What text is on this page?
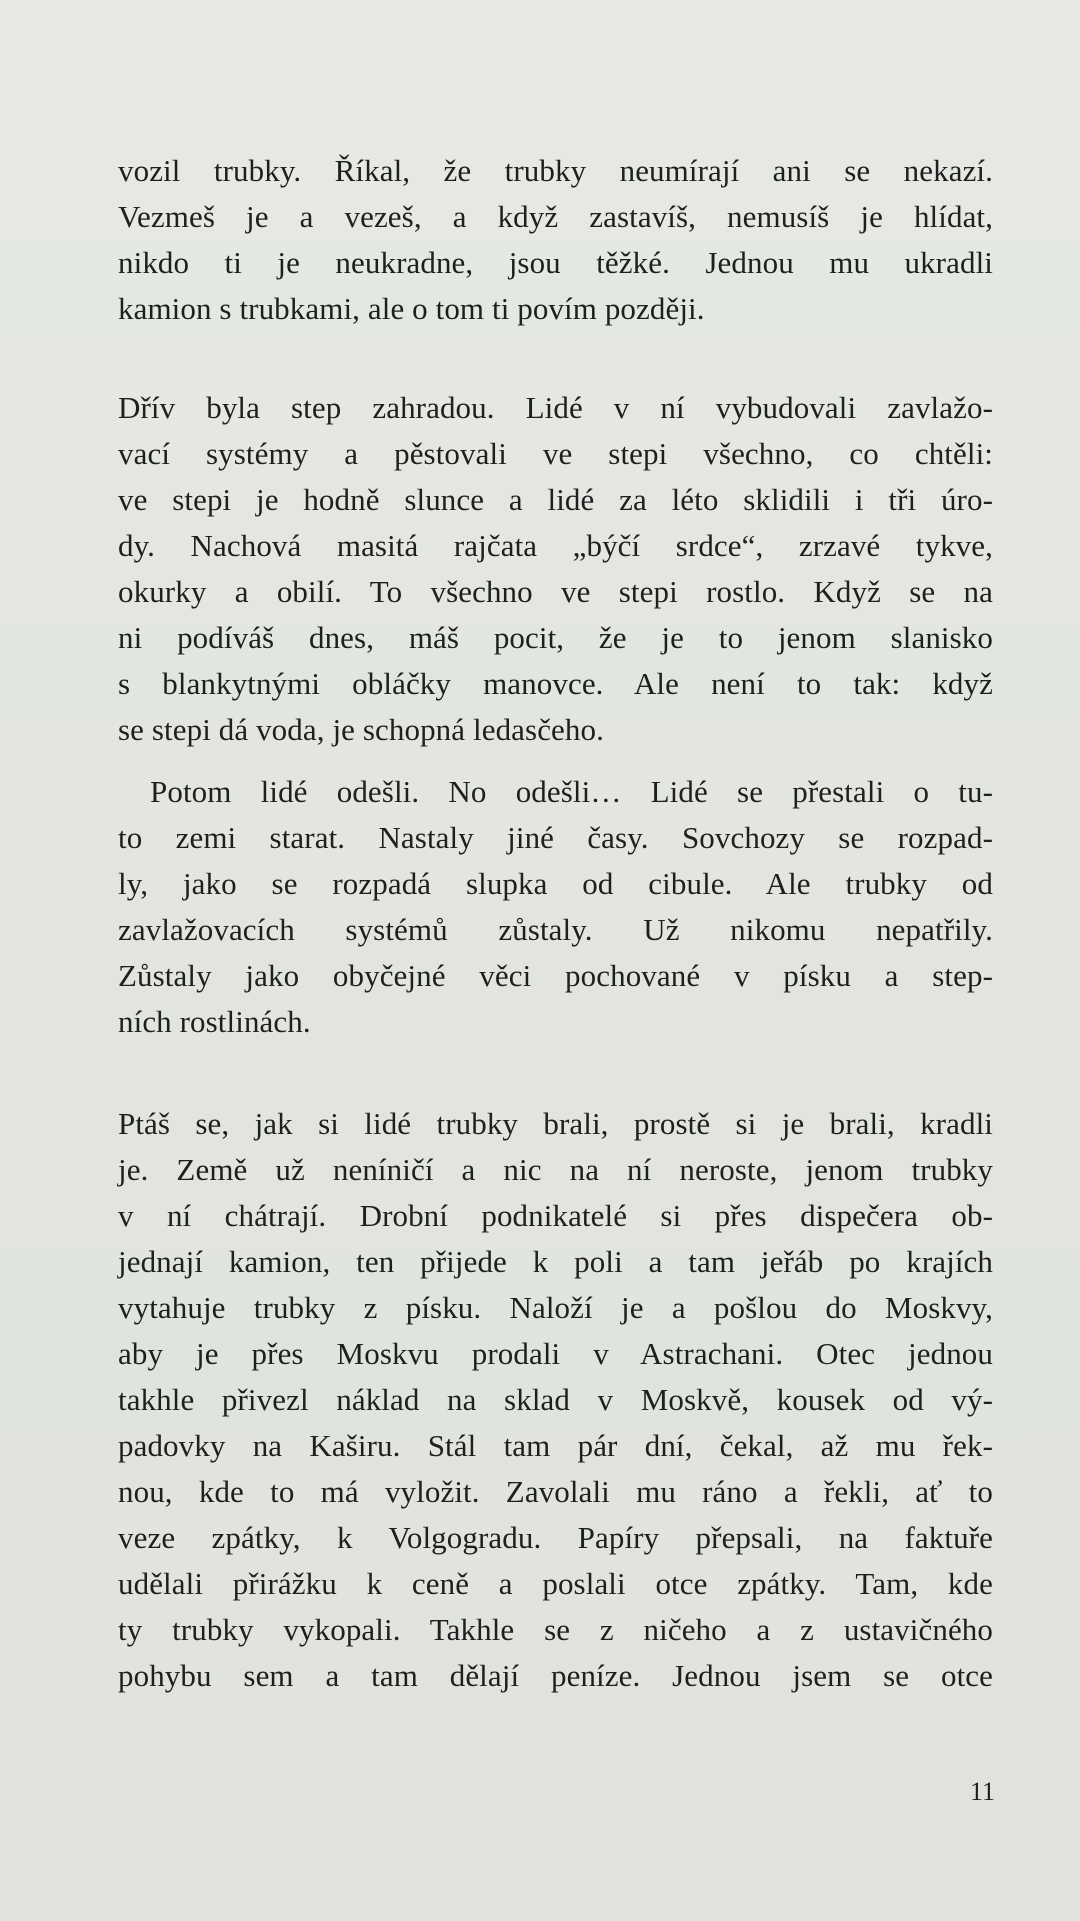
vozil trubky. Říkal, že trubky neumírají ani se nekazí.
Vezmeš je a vezeš, a když zastavíš, nemusíš je hlídat,
nikdo ti je neukradne, jsou těžké. Jednou mu ukradli
kamion s trubkami, ale o tom ti povím později.
Dřív byla step zahradou. Lidé v ní vybudovali zavlažo-
vací systémy a pěstovali ve stepi všechno, co chtěli:
ve stepi je hodně slunce a lidé za léto sklidili i tři úro-
dy. Nachová masitá rajčata „býčí srdce“, zrzavé tykve,
okurky a obilí. To všechno ve stepi rostlo. Když se na
ni podíváš dnes, máš pocit, že je to jenom slanisko
s blankytnými obláčky manovce. Ale není to tak: když
se stepi dá voda, je schopná ledasčeho.
Potom lidé odešli. No odešli… Lidé se přestali o tu-
to zemi starat. Nastaly jiné časy. Sovchozy se rozpad-
ly, jako se rozpadá slupka od cibule. Ale trubky od
zavlažovacích systémů zůstaly. Už nikomu nepatřily.
Zůstaly jako obyčejné věci pochované v písku a step-
ních rostlinách.
Ptáš se, jak si lidé trubky brali, prostě si je brali, kradli
je. Země už neníničí a nic na ní neroste, jenom trubky
v ní chátrají. Drobní podnikatelé si přes dispečera ob-
jednají kamion, ten přijede k poli a tam jeřáb po krajích
vytahuje trubky z písku. Naloží je a pošlou do Moskvy,
aby je přes Moskvu prodali v Astrachani. Otec jednou
takhle přivezl náklad na sklad v Moskvě, kousek od vý-
padovky na Kaširu. Stál tam pár dní, čekal, až mu řek-
nou, kde to má vyložit. Zavolali mu ráno a řekli, ať to
veze zpátky, k Volgogradu. Papíry přepsali, na faktuře
udělali přirážku k ceně a poslali otce zpátky. Tam, kde
ty trubky vykopali. Takhle se z ničeho a z ustavičného
pohybu sem a tam dělají peníze. Jednou jsem se otce
11
